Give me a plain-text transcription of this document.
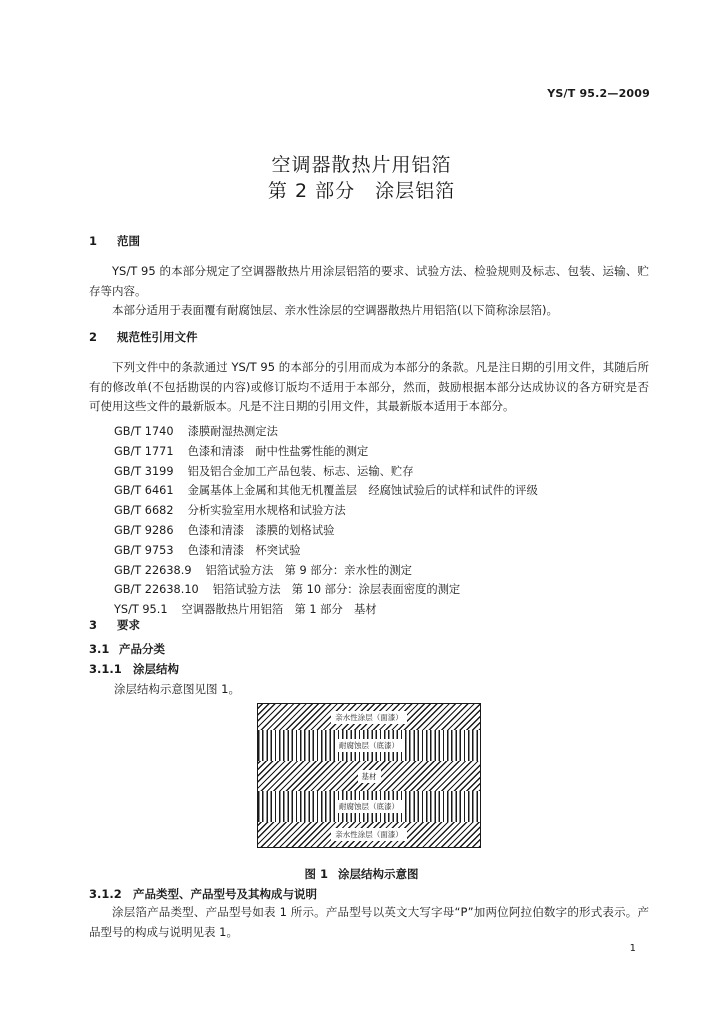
YS/T 95.2—2009
空调器散热片用铝箔
第 2 部分　涂层铝箔
1 范围

YS/T 95 的本部分规定了空调器散热片用涂层铝箔的要求、试验方法、检验规则及标志、包装、运输、贮存等内容。

本部分适用于表面覆有耐腐蚀层、亲水性涂层的空调器散热片用铝箔(以下简称涂层箔)。

2 规范性引用文件

下列文件中的条款通过 YS/T 95 的本部分的引用而成为本部分的条款。凡是注日期的引用文件，其随后所有的修改单(不包括勘误的内容)或修订版均不适用于本部分，然而，鼓励根据本部分达成协议的各方研究是否可使用这些文件的最新版本。凡是不注日期的引用文件，其最新版本适用于本部分。

GB/T 1740 漆膜耐湿热测定法
GB/T 1771 色漆和清漆　耐中性盐雾性能的测定
GB/T 3199 铝及铝合金加工产品包装、标志、运输、贮存
GB/T 6461 金属基体上金属和其他无机覆盖层　经腐蚀试验后的试样和试件的评级
GB/T 6682 分析实验室用水规格和试验方法
GB/T 9286 色漆和清漆　漆膜的划格试验
GB/T 9753 色漆和清漆　杯突试验
GB/T 22638.9 铝箔试验方法　第 9 部分：亲水性的测定
GB/T 22638.10 铝箔试验方法　第 10 部分：涂层表面密度的测定
YS/T 95.1 空调器散热片用铝箔　第 1 部分　基材
3 要求
3.1 产品分类
3.1.1 涂层结构
涂层结构示意图见图 1。
亲水性涂层（面漆）
耐腐蚀层（底漆）
基材
耐腐蚀层（底漆）
亲水性涂层（面漆）
图 1 涂层结构示意图
3.1.2 产品类型、产品型号及其构成与说明

涂层箔产品类型、产品型号如表 1 所示。产品型号以英文大写字母“P”加两位阿拉伯数字的形式表示。产品型号的构成与说明见表 1。

1
